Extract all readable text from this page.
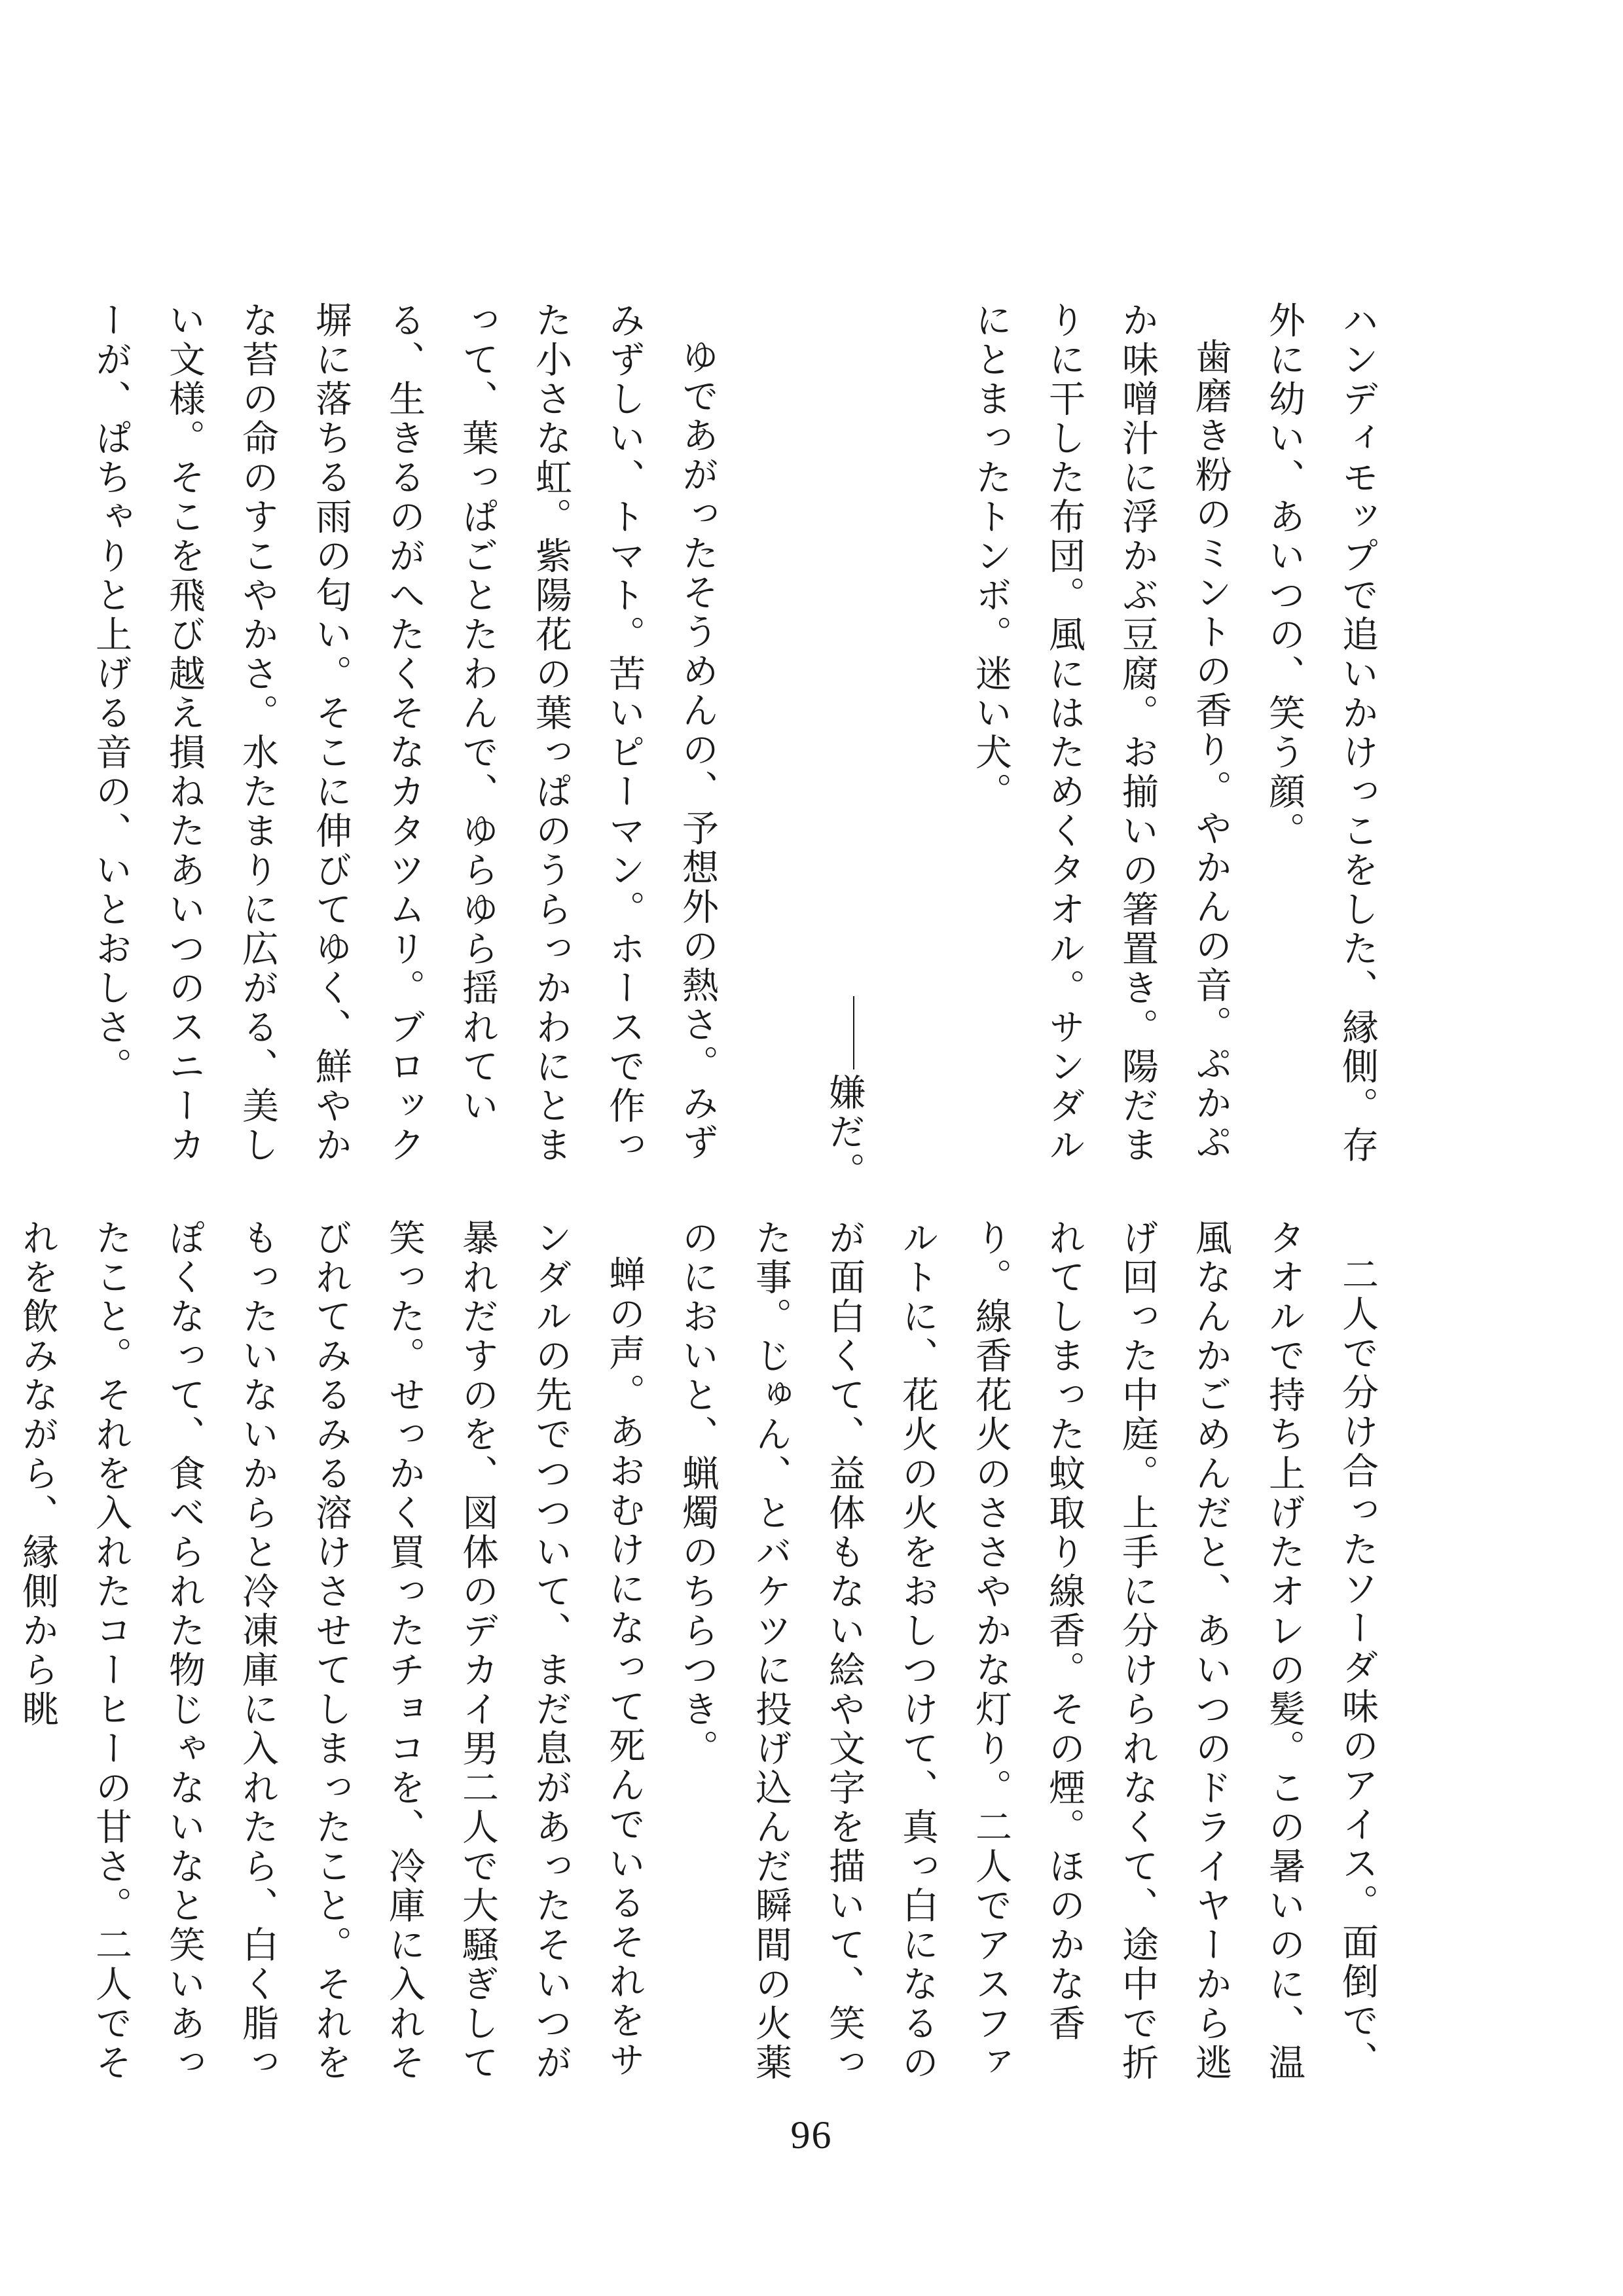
ハンディモップで追いかけっこをした、縁側。存外に幼い、あいつの、笑う顔。

歯磨き粉のミントの香り。やかんの音。ぷかぷか味噌汁に浮かぶ豆腐。お揃いの箸置き。陽だまりに干した布団。風にはためくタオル。サンダルにとまったトンボ。迷い犬。

嫌だ。

ゆであがったそうめんの、予想外の熱さ。みずみずしい、トマト。苦いピーマン。ホースで作った小さな虹。紫陽花の葉っぱのうらっかわにとまって、葉っぱごとたわんで、ゆらゆら揺れている、生きるのがへたくそなカタツムリ。ブロック塀に落ちる雨の匂い。そこに伸びてゆく、鮮やかな苔の命のすこやかさ。水たまりに広がる、美しい文様。そこを飛び越え損ねたあいつのスニーカーが、ぱちゃりと上げる音の、いとおしさ。

二人で分け合ったソーダ味のアイス。面倒で、タオルで持ち上げたオレの髪。この暑いのに、温風なんかごめんだと、あいつのドライヤーから逃げ回った中庭。上手に分けられなくて、途中で折れてしまった蚊取り線香。その煙。ほのかな香り。線香花火のささやかな灯り。二人でアスファルトに、花火の火をおしつけて、真っ白になるのが面白くて、益体もない絵や文字を描いて、笑った事。じゅん、とバケツに投げ込んだ瞬間の火薬のにおいと、蝋燭のちらつき。

蝉の声。あおむけになって死んでいるそれをサンダルの先でつついて、まだ息があったそいつが暴れだすのを、図体のデカイ男二人で大騒ぎして笑った。せっかく買ったチョコを、冷庫に入れそびれてみるみる溶けさせてしまったこと。それをもったいないからと冷凍庫に入れたら、白く脂っぽくなって、食べられた物じゃないなと笑いあったこと。それを入れたコーヒーの甘さ。二人でそれを飲みながら、縁側から眺

96
